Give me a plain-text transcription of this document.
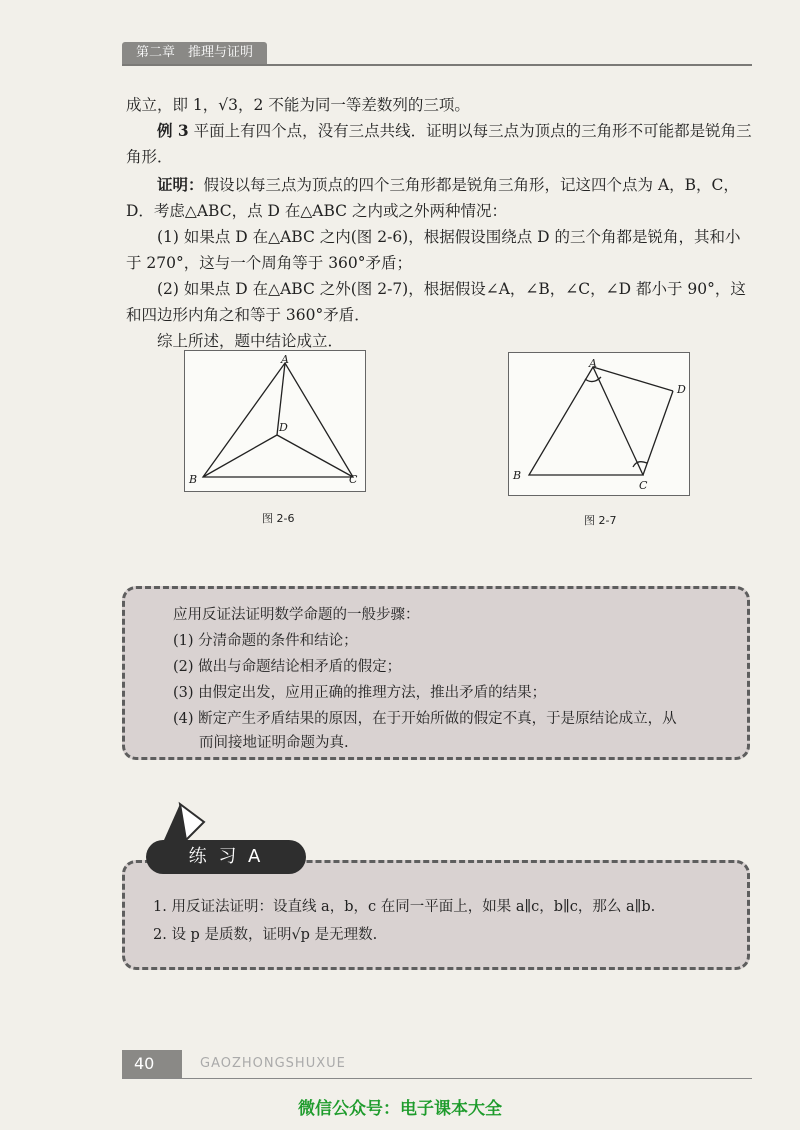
第二章　推理与证明
成立，即 1，√3，2 不能为同一等差数列的三项。
例 3 平面上有四个点，没有三点共线．证明以每三点为顶点的三角形不可能都是锐角三角形．
证明：假设以每三点为顶点的四个三角形都是锐角三角形，记这四个点为 A，B，C，D．考虑△ABC，点 D 在△ABC 之内或之外两种情况：
(1) 如果点 D 在△ABC 之内(图 2-6)，根据假设围绕点 D 的三个角都是锐角，其和小于 270°，这与一个周角等于 360°矛盾；
(2) 如果点 D 在△ABC 之外(图 2-7)，根据假设∠A，∠B，∠C，∠D 都小于 90°，这和四边形内角之和等于 360°矛盾．
综上所述，题中结论成立．
A
B	C
D
图 2-6
A
B
C
D
图 2-7
应用反证法证明数学命题的一般步骤：
(1) 分清命题的条件和结论；
(2) 做出与命题结论相矛盾的假定；
(3) 由假定出发，应用正确的推理方法，推出矛盾的结果；
(4) 断定产生矛盾结果的原因，在于开始所做的假定不真，于是原结论成立，从
而间接地证明命题为真.
1. 用反证法证明：设直线 a，b，c 在同一平面上，如果 a∥c，b∥c，那么 a∥b.
2. 设 p 是质数，证明√p 是无理数.
练 习 A
40	GAOZHONGSHUXUE
微信公众号：电子课本大全
